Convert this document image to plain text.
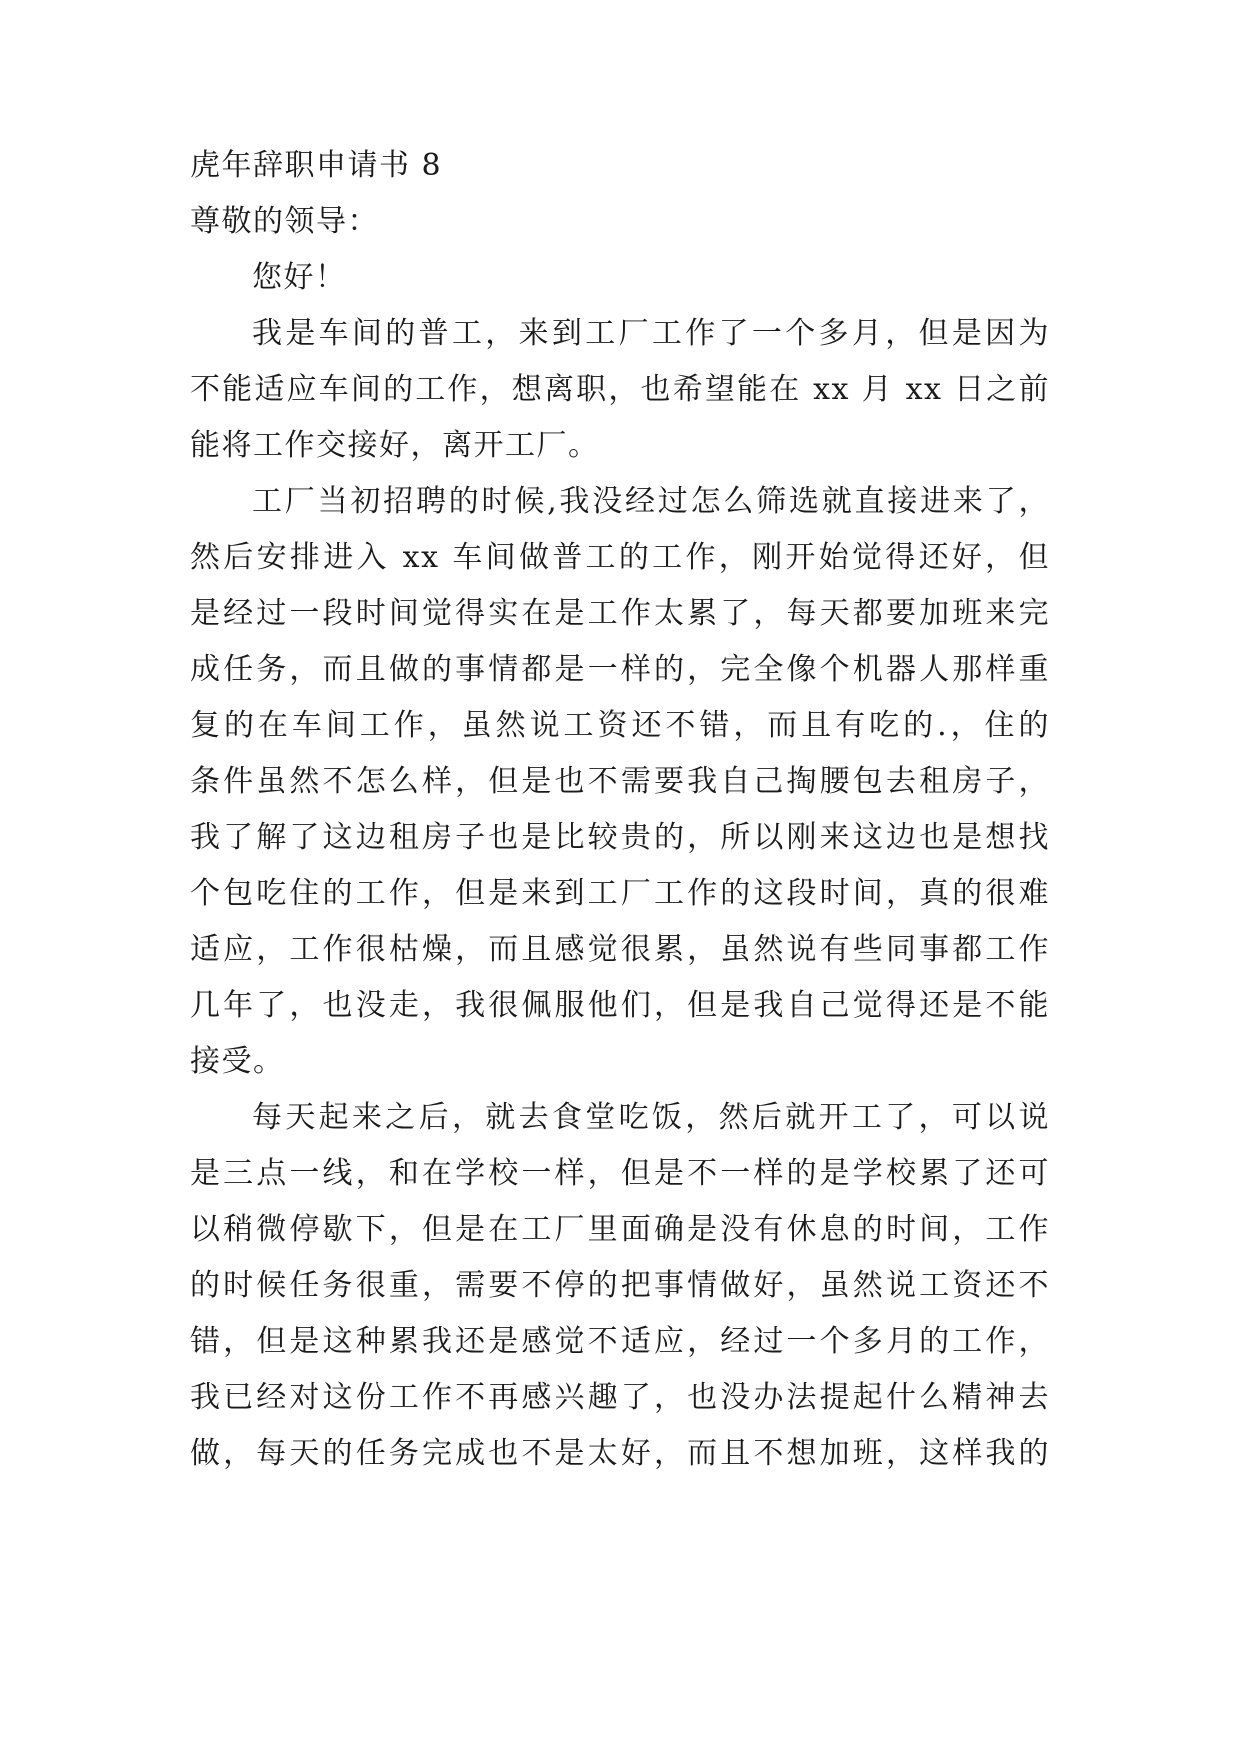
虎年辞职申请书 8
尊敬的领导：
您好！
我是车间的普工，来到工厂工作了一个多月，但是因为
不能适应车间的工作，想离职，也希望能在 xx 月 xx 日之前
能将工作交接好，离开工厂。
工厂当初招聘的时候,我没经过怎么筛选就直接进来了，
然后安排进入 xx 车间做普工的工作，刚开始觉得还好，但
是经过一段时间觉得实在是工作太累了，每天都要加班来完
成任务，而且做的事情都是一样的，完全像个机器人那样重
复的在车间工作，虽然说工资还不错，而且有吃的.，住的
条件虽然不怎么样，但是也不需要我自己掏腰包去租房子，
我了解了这边租房子也是比较贵的，所以刚来这边也是想找
个包吃住的工作，但是来到工厂工作的这段时间，真的很难
适应，工作很枯燥，而且感觉很累，虽然说有些同事都工作
几年了，也没走，我很佩服他们，但是我自己觉得还是不能
接受。
每天起来之后，就去食堂吃饭，然后就开工了，可以说
是三点一线，和在学校一样，但是不一样的是学校累了还可
以稍微停歇下，但是在工厂里面确是没有休息的时间，工作
的时候任务很重，需要不停的把事情做好，虽然说工资还不
错，但是这种累我还是感觉不适应，经过一个多月的工作，
我已经对这份工作不再感兴趣了，也没办法提起什么精神去
做，每天的任务完成也不是太好，而且不想加班，这样我的
